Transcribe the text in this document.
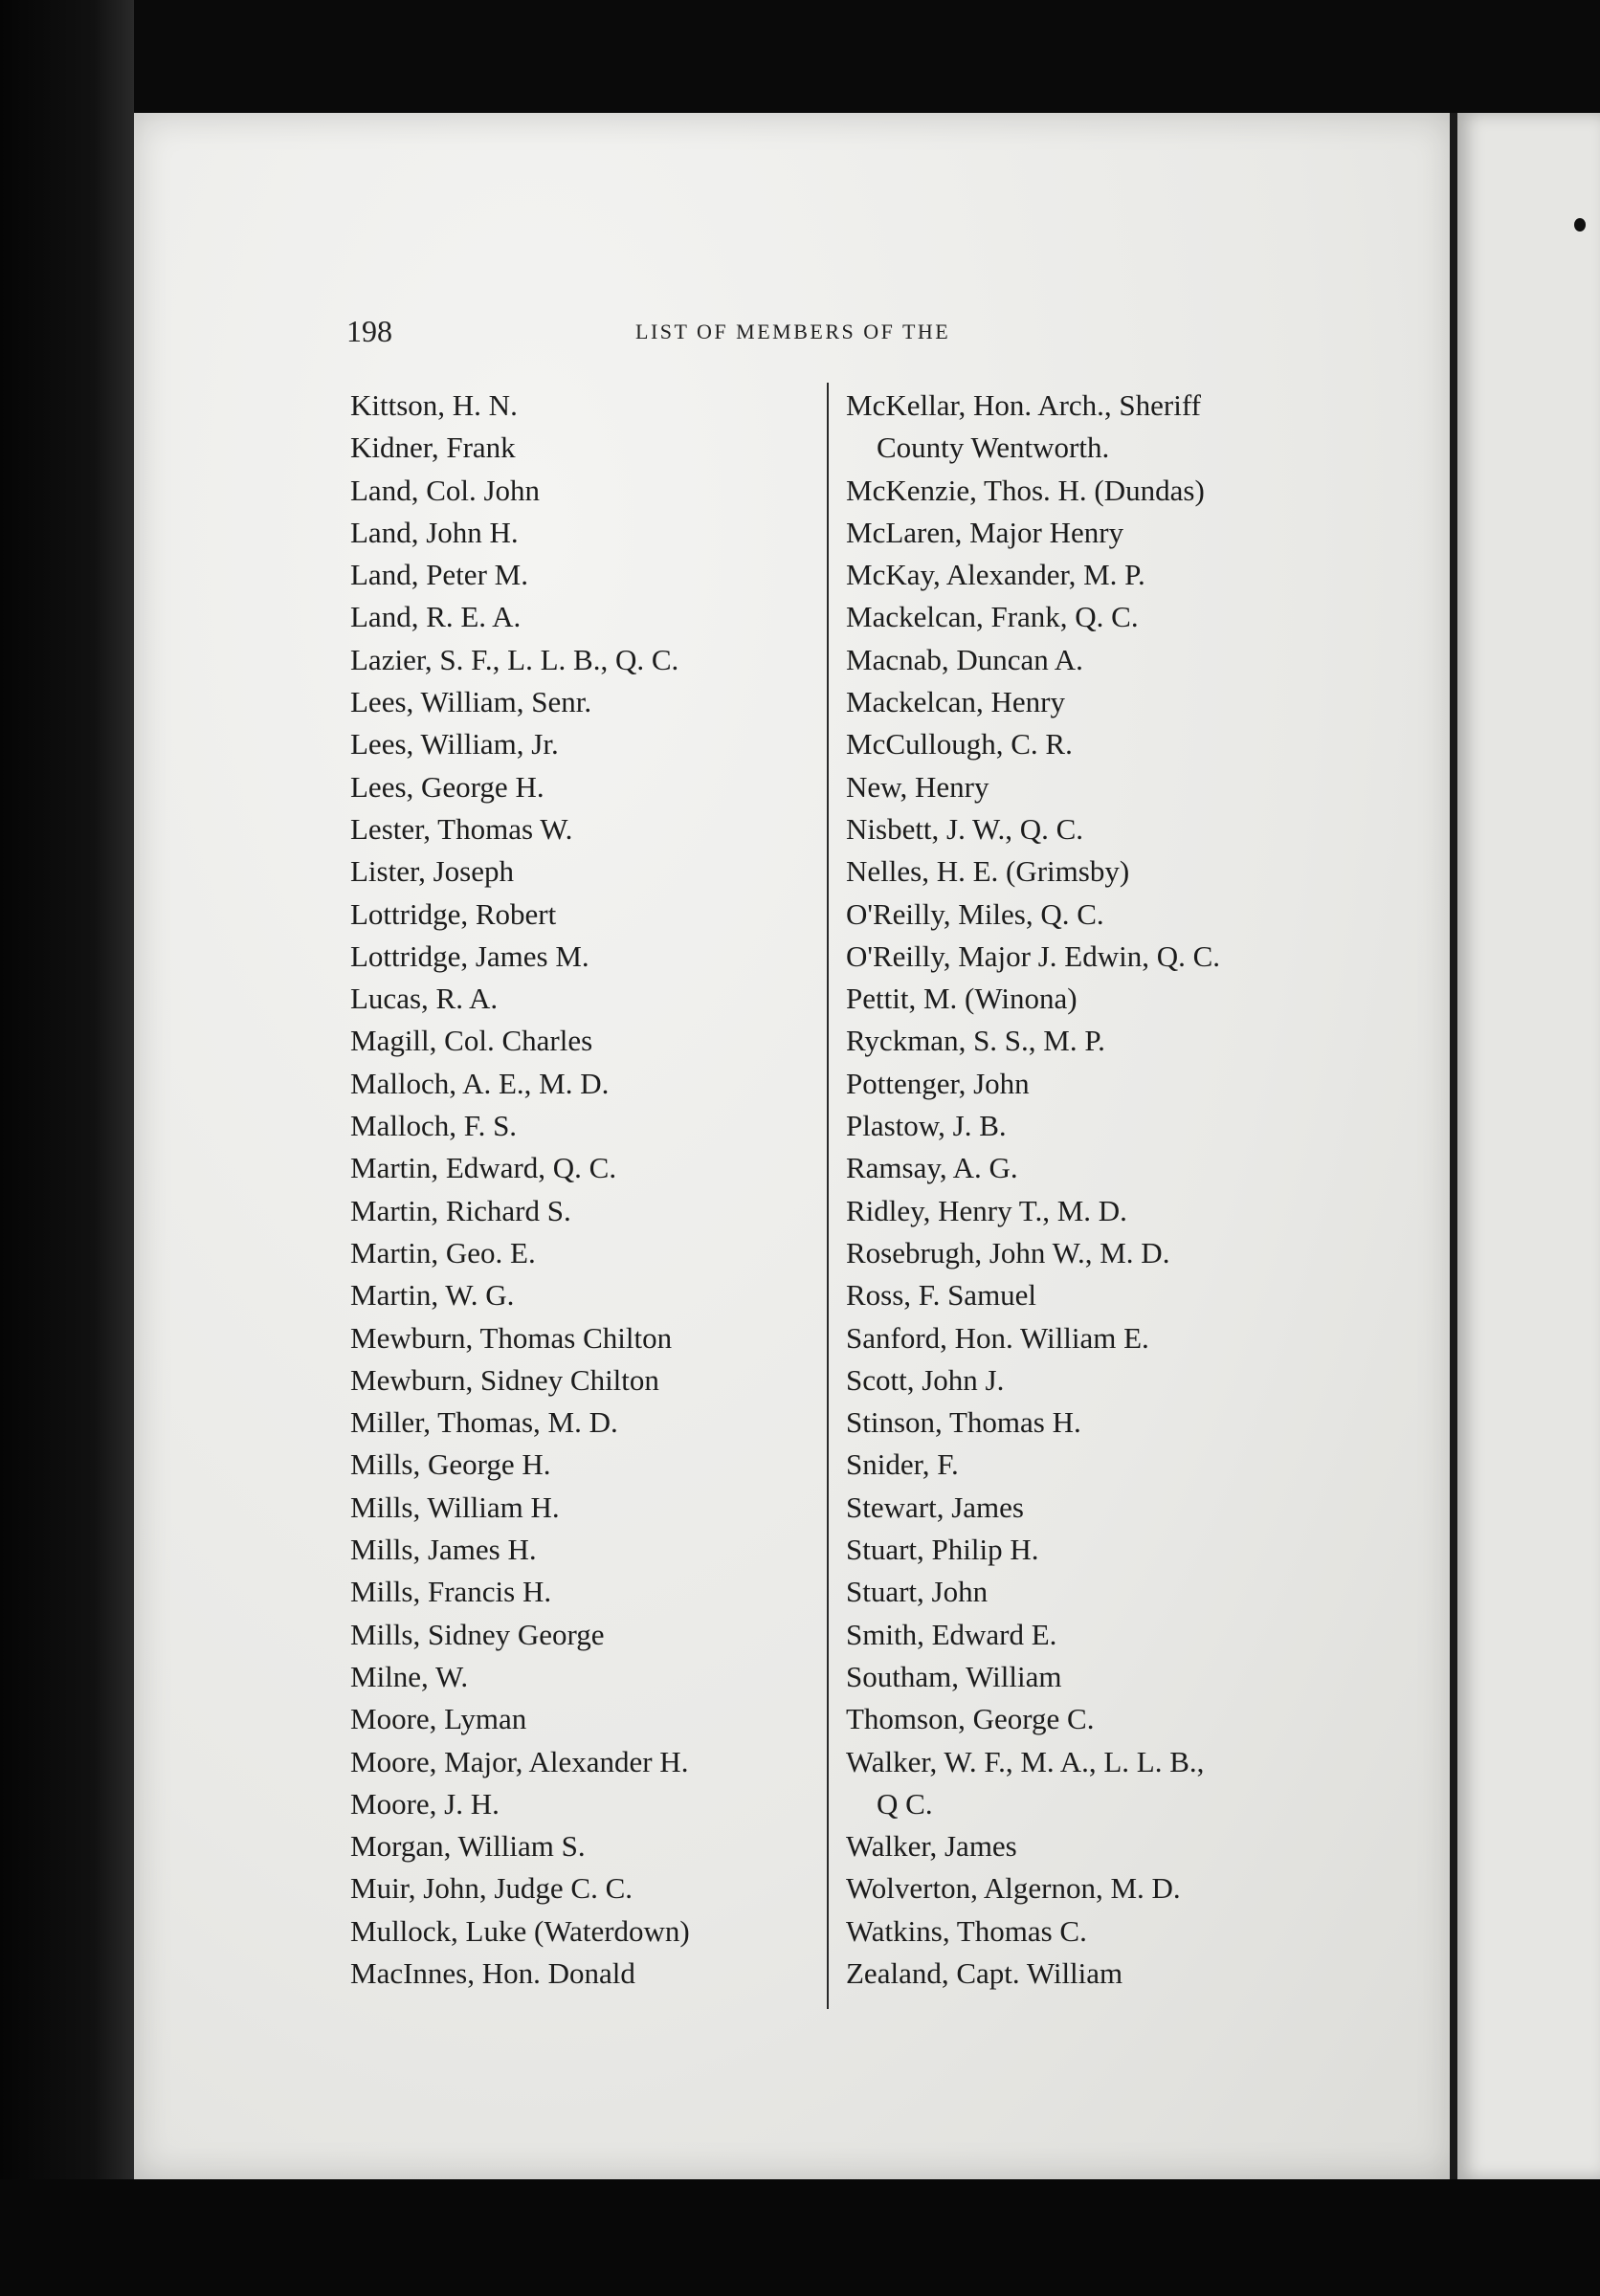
198	LIST OF MEMBERS OF THE
Kittson, H. N.
Kidner, Frank
Land, Col. John
Land, John H.
Land, Peter M.
Land, R. E. A.
Lazier, S. F., L. L. B., Q. C.
Lees, William, Senr.
Lees, William, Jr.
Lees, George H.
Lester, Thomas W.
Lister, Joseph
Lottridge, Robert
Lottridge, James M.
Lucas, R. A.
Magill, Col. Charles
Malloch, A. E., M. D.
Malloch, F. S.
Martin, Edward, Q. C.
Martin, Richard S.
Martin, Geo. E.
Martin, W. G.
Mewburn, Thomas Chilton
Mewburn, Sidney Chilton
Miller, Thomas, M. D.
Mills, George H.
Mills, William H.
Mills, James H.
Mills, Francis H.
Mills, Sidney George
Milne, W.
Moore, Lyman
Moore, Major, Alexander H.
Moore, J. H.
Morgan, William S.
Muir, John, Judge C. C.
Mullock, Luke (Waterdown)
MacInnes, Hon. Donald
McKellar, Hon. Arch., Sheriff
County Wentworth.
McKenzie, Thos. H. (Dundas)
McLaren, Major Henry
McKay, Alexander, M. P.
Mackelcan, Frank, Q. C.
Macnab, Duncan A.
Mackelcan, Henry
McCullough, C. R.
New, Henry
Nisbett, J. W., Q. C.
Nelles, H. E. (Grimsby)
O'Reilly, Miles, Q. C.
O'Reilly, Major J. Edwin, Q. C.
Pettit, M. (Winona)
Ryckman, S. S., M. P.
Pottenger, John
Plastow, J. B.
Ramsay, A. G.
Ridley, Henry T., M. D.
Rosebrugh, John W., M. D.
Ross, F. Samuel
Sanford, Hon. William E.
Scott, John J.
Stinson, Thomas H.
Snider, F.
Stewart, James
Stuart, Philip H.
Stuart, John
Smith, Edward E.
Southam, William
Thomson, George C.
Walker, W. F., M. A., L. L. B.,
Q C.
Walker, James
Wolverton, Algernon, M. D.
Watkins, Thomas C.
Zealand, Capt. William
